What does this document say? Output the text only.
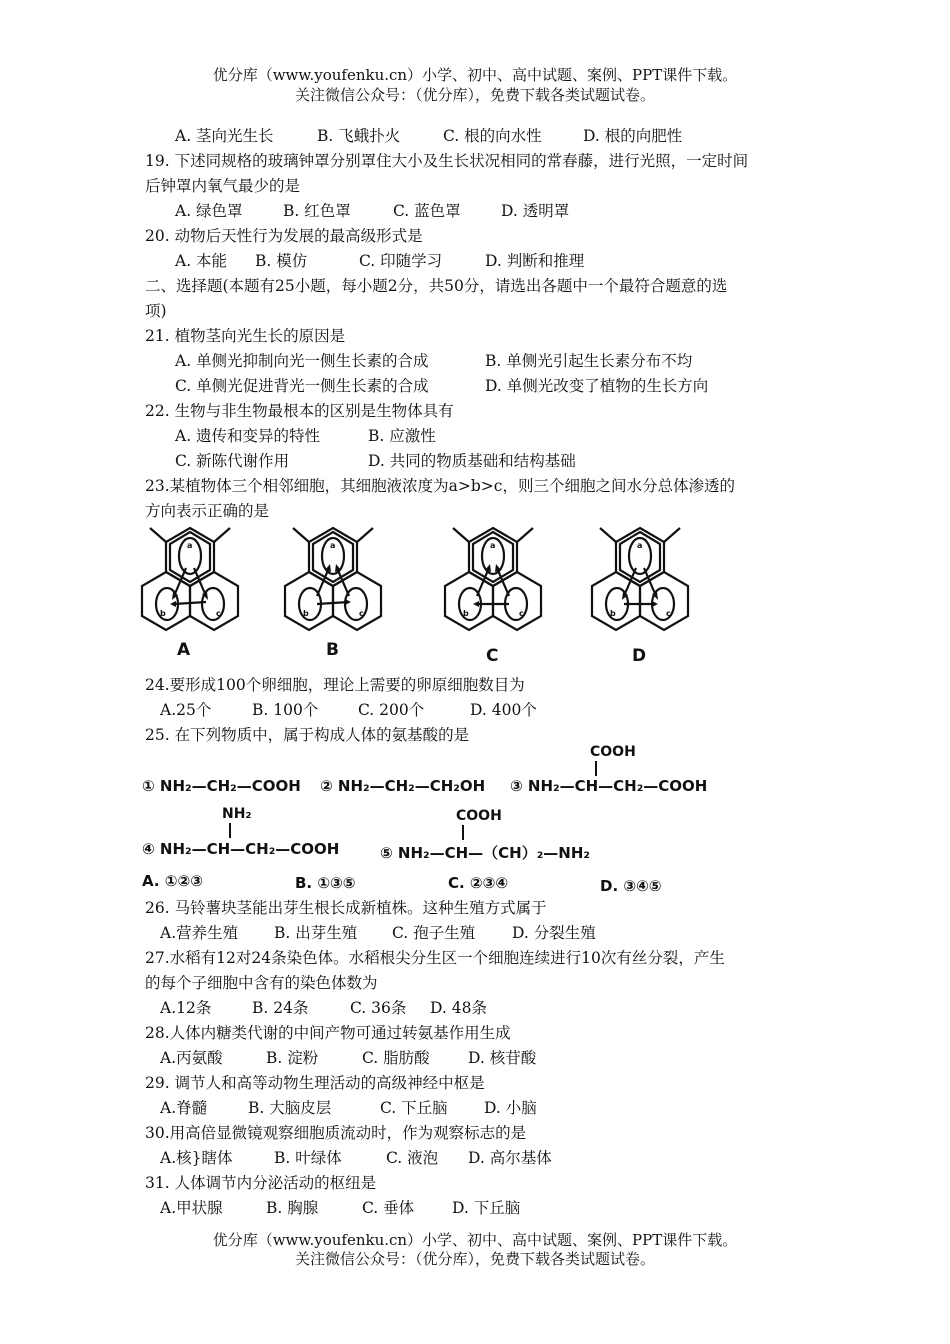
优分库（www.youfenku.cn）小学、初中、高中试题、案例、PPT课件下载。
关注微信公众号：（优分库），免费下载各类试题试卷。
A. 茎向光生长	B. 飞蛾扑火	C. 根的向水性	D. 根的向肥性
19. 下述同规格的玻璃钟罩分别罩住大小及生长状况相同的常春藤，进行光照，一定时间
后钟罩内氧气最少的是
A. 绿色罩	B. 红色罩	C. 蓝色罩	D. 透明罩
20. 动物后天性行为发展的最高级形式是
A. 本能 B. 模仿	C. 印随学习	D. 判断和推理
二、选择题(本题有25小题，每小题2分，共50分，请选出各题中一个最符合题意的选
项)
21. 植物茎向光生长的原因是
A. 单侧光抑制向光一侧生长素的合成	B. 单侧光引起生长素分布不均
C. 单侧光促进背光一侧生长素的合成	D. 单侧光改变了植物的生长方向
22. 生物与非生物最根本的区别是生物体具有
A. 遗传和变异的特性	B. 应激性
C. 新陈代谢作用	D. 共同的物质基础和结构基础
23.某植物体三个相邻细胞，其细胞液浓度为a>b>c，则三个细胞之间水分总体渗透的
方向表示正确的是
a
b	c
A
a
b	c
B
a
b	c
C
a
b	c
D
24.要形成100个卵细胞，理论上需要的卵原细胞数目为
A.25个	B. 100个	C. 200个	D. 400个
25. 在下列物质中，属于构成人体的氨基酸的是
COOH
① NH₂—CH₂—COOH ② NH₂—CH₂—CH₂OH ③ NH₂—CH—CH₂—COOH
NH₂	COOH
④ NH₂—CH—CH₂—COOH	⑤ NH₂—CH—（CH）₂—NH₂
A. ①②③	B. ①③⑤	C. ②③④	D. ③④⑤
26. 马铃薯块茎能出芽生根长成新植株。这种生殖方式属于
A.营养生殖 B. 出芽生殖 C. 孢子生殖 D. 分裂生殖
27.水稻有12对24条染色体。水稻根尖分生区一个细胞连续进行10次有丝分裂，产生
的每个子细胞中含有的染色体数为
A.12条	B. 24条	C. 36条 D. 48条
28.人体内糖类代谢的中间产物可通过转氨基作用生成
A.丙氨酸	B. 淀粉	C. 脂肪酸 D. 核苷酸
29. 调节人和高等动物生理活动的高级神经中枢是
A.脊髓	B. 大脑皮层	C. 下丘脑 D. 小脑
30.用高倍显微镜观察细胞质流动时，作为观察标志的是
A.核}瞎体	B. 叶绿体	C. 液泡 D. 高尔基体
31. 人体调节内分泌活动的枢纽是
A.甲状腺	B. 胸腺	C. 垂体 D. 下丘脑
优分库（www.youfenku.cn）小学、初中、高中试题、案例、PPT课件下载。
关注微信公众号：（优分库），免费下载各类试题试卷。
